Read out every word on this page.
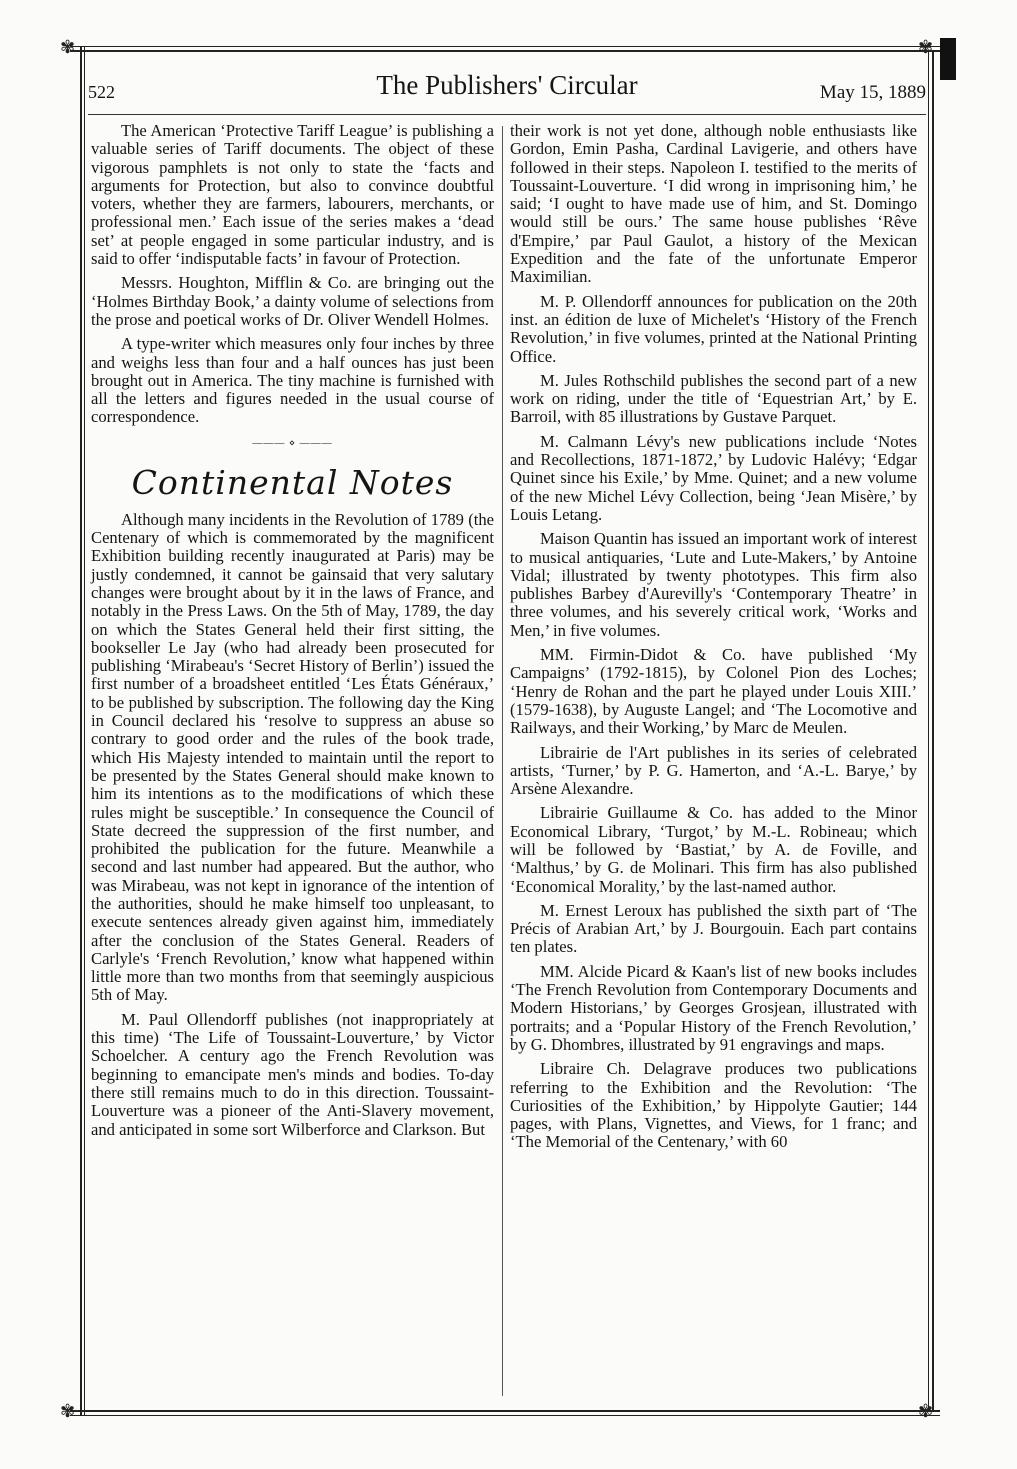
✾	✾
✾	✾
522	The Publishers' Circular	May 15, 1889

The American ‘Protective Tariff League’ is publishing a valuable series of Tariff documents. The object of these vigorous pamphlets is not only to state the ‘facts and arguments for Protection, but also to convince doubtful voters, whether they are farmers, labourers, merchants, or professional men.’ Each issue of the series makes a ‘dead set’ at people engaged in some particular industry, and is said to offer ‘indisputable facts’ in favour of Protection.

Messrs. Houghton, Mifflin & Co. are bringing out the ‘Holmes Birthday Book,’ a dainty volume of selections from the prose and poetical works of Dr. Oliver Wendell Holmes.

A type-writer which measures only four inches by three and weighs less than four and a half ounces has just been brought out in America. The tiny machine is furnished with all the letters and figures needed in the usual course of correspondence.

——— ⋄ ———
Continental Notes

Although many incidents in the Revolution of 1789 (the Centenary of which is commemorated by the magnificent Exhibition building recently inaugurated at Paris) may be justly condemned, it cannot be gainsaid that very salutary changes were brought about by it in the laws of France, and notably in the Press Laws. On the 5th of May, 1789, the day on which the States General held their first sitting, the bookseller Le Jay (who had already been prosecuted for publishing ‘Mirabeau's ‘Secret History of Berlin’) issued the first number of a broadsheet entitled ‘Les États Généraux,’ to be published by subscription. The following day the King in Council declared his ‘resolve to suppress an abuse so contrary to good order and the rules of the book trade, which His Majesty intended to maintain until the report to be presented by the States General should make known to him its intentions as to the modifications of which these rules might be susceptible.’ In consequence the Council of State decreed the suppression of the first number, and prohibited the publication for the future. Meanwhile a second and last number had appeared. But the author, who was Mirabeau, was not kept in ignorance of the intention of the authorities, should he make himself too unpleasant, to execute sentences already given against him, immediately after the conclusion of the States General. Readers of Carlyle's ‘French Revolution,’ know what happened within little more than two months from that seemingly auspicious 5th of May.

M. Paul Ollendorff publishes (not inappropriately at this time) ‘The Life of Toussaint-Louverture,’ by Victor Schoelcher. A century ago the French Revolution was beginning to emancipate men's minds and bodies. To-day there still remains much to do in this direction. Toussaint-Louverture was a pioneer of the Anti-Slavery movement, and anticipated in some sort Wilberforce and Clarkson. But

their work is not yet done, although noble enthusiasts like Gordon, Emin Pasha, Cardinal Lavigerie, and others have followed in their steps. Napoleon I. testified to the merits of Toussaint-Louverture. ‘I did wrong in imprisoning him,’ he said; ‘I ought to have made use of him, and St. Domingo would still be ours.’ The same house publishes ‘Rêve d'Empire,’ par Paul Gaulot, a history of the Mexican Expedition and the fate of the unfortunate Emperor Maximilian.

M. P. Ollendorff announces for publication on the 20th inst. an édition de luxe of Michelet's ‘History of the French Revolution,’ in five volumes, printed at the National Printing Office.

M. Jules Rothschild publishes the second part of a new work on riding, under the title of ‘Equestrian Art,’ by E. Barroil, with 85 illustrations by Gustave Parquet.

M. Calmann Lévy's new publications include ‘Notes and Recollections, 1871-1872,’ by Ludovic Halévy; ‘Edgar Quinet since his Exile,’ by Mme. Quinet; and a new volume of the new Michel Lévy Collection, being ‘Jean Misère,’ by Louis Letang.

Maison Quantin has issued an important work of interest to musical antiquaries, ‘Lute and Lute-Makers,’ by Antoine Vidal; illustrated by twenty phototypes. This firm also publishes Barbey d'Aurevilly's ‘Contemporary Theatre’ in three volumes, and his severely critical work, ‘Works and Men,’ in five volumes.

MM. Firmin-Didot & Co. have published ‘My Campaigns’ (1792-1815), by Colonel Pion des Loches; ‘Henry de Rohan and the part he played under Louis XIII.’ (1579-1638), by Auguste Langel; and ‘The Locomotive and Railways, and their Working,’ by Marc de Meulen.

Librairie de l'Art publishes in its series of celebrated artists, ‘Turner,’ by P. G. Hamerton, and ‘A.-L. Barye,’ by Arsène Alexandre.

Librairie Guillaume & Co. has added to the Minor Economical Library, ‘Turgot,’ by M.-L. Robineau; which will be followed by ‘Bastiat,’ by A. de Foville, and ‘Malthus,’ by G. de Molinari. This firm has also published ‘Economical Morality,’ by the last-named author.

M. Ernest Leroux has published the sixth part of ‘The Précis of Arabian Art,’ by J. Bourgouin. Each part contains ten plates.

MM. Alcide Picard & Kaan's list of new books includes ‘The French Revolution from Contemporary Documents and Modern Historians,’ by Georges Grosjean, illustrated with portraits; and a ‘Popular History of the French Revolution,’ by G. Dhombres, illustrated by 91 engravings and maps.

Libraire Ch. Delagrave produces two publications referring to the Exhibition and the Revolution: ‘The Curiosities of the Exhibition,’ by Hippolyte Gautier; 144 pages, with Plans, Vignettes, and Views, for 1 franc; and ‘The Memorial of the Centenary,’ with 60
